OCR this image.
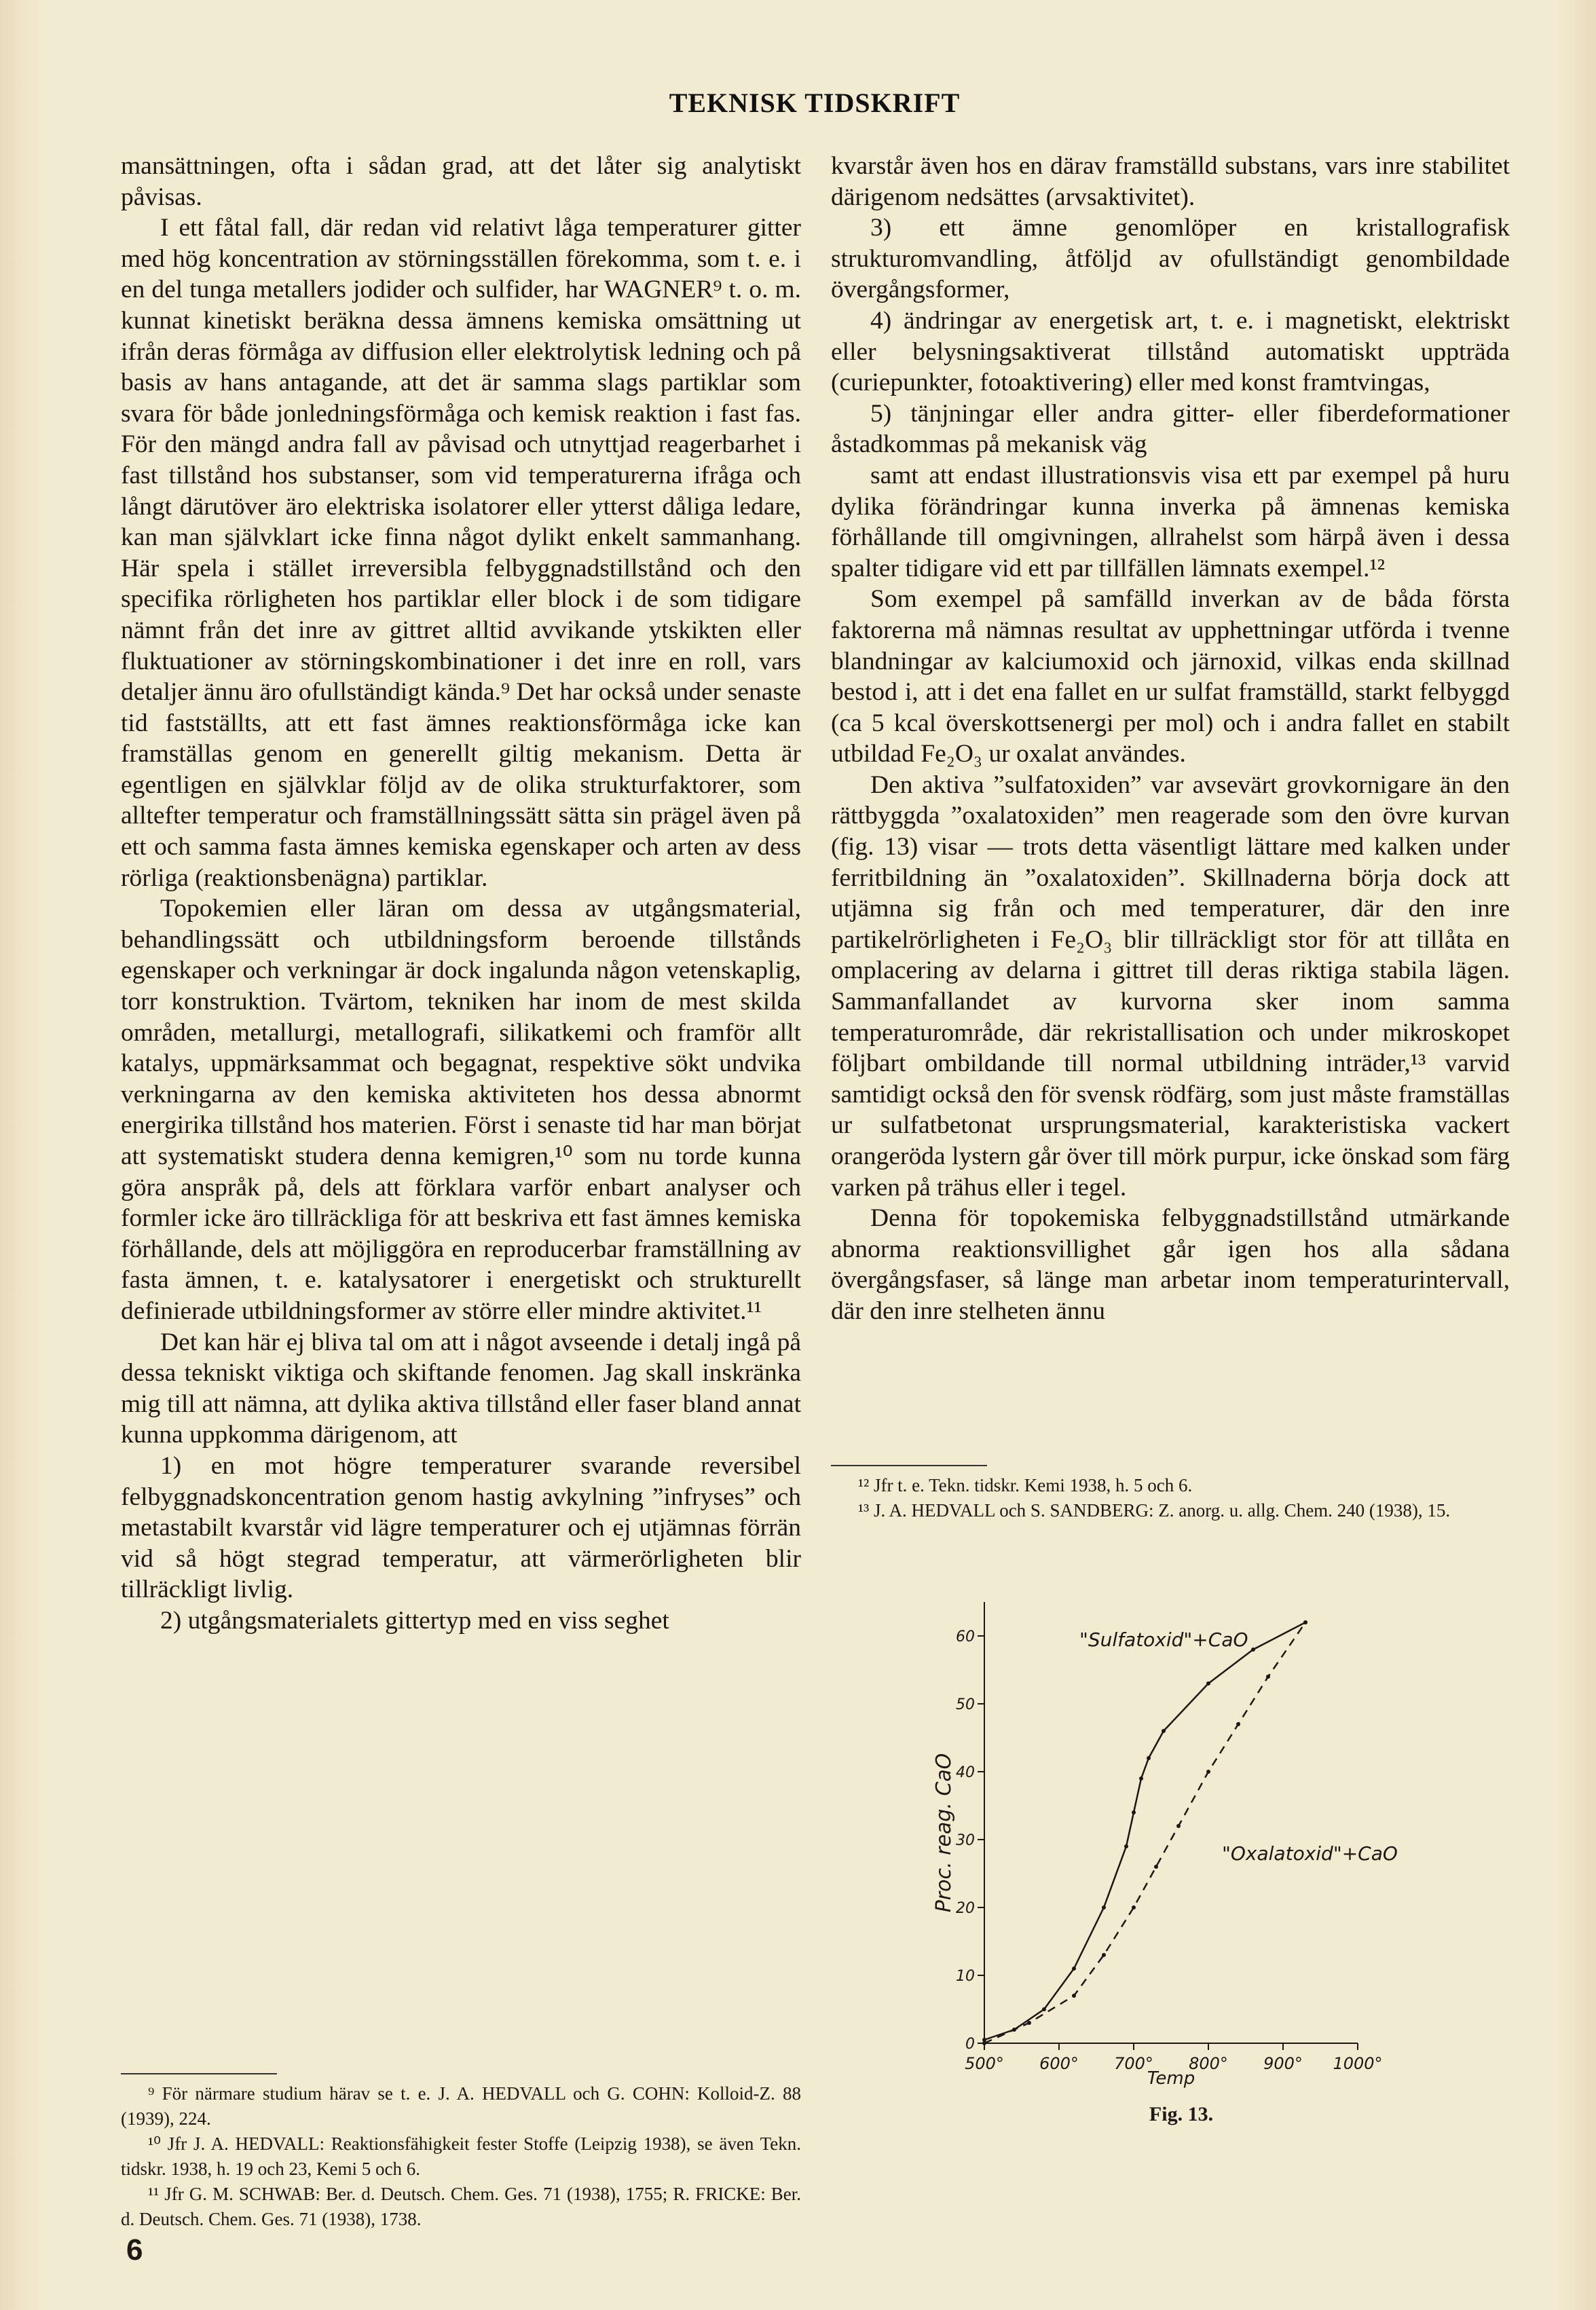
TEKNISK TIDSKRIFT

mansättningen, ofta i sådan grad, att det låter sig analytiskt påvisas.

I ett fåtal fall, där redan vid relativt låga temperaturer gitter med hög koncentration av störningsställen förekomma, som t. e. i en del tunga metallers jodider och sulfider, har WAGNER⁹ t. o. m. kunnat kinetiskt beräkna dessa ämnens kemiska omsättning ut ifrån deras förmåga av diffusion eller elektrolytisk ledning och på basis av hans antagande, att det är samma slags partiklar som svara för både jonledningsförmåga och kemisk reaktion i fast fas. För den mängd andra fall av påvisad och utnyttjad reagerbarhet i fast tillstånd hos substanser, som vid temperaturerna ifråga och långt därutöver äro elektriska isolatorer eller ytterst dåliga ledare, kan man självklart icke finna något dylikt enkelt sammanhang. Här spela i stället irreversibla felbyggnadstillstånd och den specifika rörligheten hos partiklar eller block i de som tidigare nämnt från det inre av gittret alltid avvikande ytskikten eller fluktuationer av störningskombinationer i det inre en roll, vars detaljer ännu äro ofullständigt kända.⁹ Det har också under senaste tid fastställts, att ett fast ämnes reaktionsförmåga icke kan framställas genom en generellt giltig mekanism. Detta är egentligen en självklar följd av de olika strukturfaktorer, som alltefter temperatur och framställningssätt sätta sin prägel även på ett och samma fasta ämnes kemiska egenskaper och arten av dess rörliga (reaktionsbenägna) partiklar.

Topokemien eller läran om dessa av utgångsmaterial, behandlingssätt och utbildningsform beroende tillstånds egenskaper och verkningar är dock ingalunda någon vetenskaplig, torr konstruktion. Tvärtom, tekniken har inom de mest skilda områden, metallurgi, metallografi, silikatkemi och framför allt katalys, uppmärksammat och begagnat, respektive sökt undvika verkningarna av den kemiska aktiviteten hos dessa abnormt energirika tillstånd hos materien. Först i senaste tid har man börjat att systematiskt studera denna kemigren,¹⁰ som nu torde kunna göra anspråk på, dels att förklara varför enbart analyser och formler icke äro tillräckliga för att beskriva ett fast ämnes kemiska förhållande, dels att möjliggöra en reproducerbar framställning av fasta ämnen, t. e. katalysatorer i energetiskt och strukturellt definierade utbildningsformer av större eller mindre aktivitet.¹¹

Det kan här ej bliva tal om att i något avseende i detalj ingå på dessa tekniskt viktiga och skiftande fenomen. Jag skall inskränka mig till att nämna, att dylika aktiva tillstånd eller faser bland annat kunna uppkomma därigenom, att

1) en mot högre temperaturer svarande reversibel felbyggnadskoncentration genom hastig avkylning ”infryses” och metastabilt kvarstår vid lägre temperaturer och ej utjämnas förrän vid så högt stegrad temperatur, att värmerörligheten blir tillräckligt livlig.

2) utgångsmaterialets gittertyp med en viss seghet

kvarstår även hos en därav framställd substans, vars inre stabilitet därigenom nedsättes (arvsaktivitet).

3) ett ämne genomlöper en kristallografisk strukturomvandling, åtföljd av ofullständigt genombildade övergångsformer,

4) ändringar av energetisk art, t. e. i magnetiskt, elektriskt eller belysningsaktiverat tillstånd automatiskt uppträda (curiepunkter, fotoaktivering) eller med konst framtvingas,

5) tänjningar eller andra gitter- eller fiberdeformationer åstadkommas på mekanisk väg

samt att endast illustrationsvis visa ett par exempel på huru dylika förändringar kunna inverka på ämnenas kemiska förhållande till omgivningen, allrahelst som härpå även i dessa spalter tidigare vid ett par tillfällen lämnats exempel.¹²

Som exempel på samfälld inverkan av de båda första faktorerna må nämnas resultat av upphettningar utförda i tvenne blandningar av kalciumoxid och järnoxid, vilkas enda skillnad bestod i, att i det ena fallet en ur sulfat framställd, starkt felbyggd (ca 5 kcal överskottsenergi per mol) och i andra fallet en stabilt utbildad Fe₂O₃ ur oxalat användes.

Den aktiva ”sulfatoxiden” var avsevärt grovkornigare än den rättbyggda ”oxalatoxiden” men reagerade som den övre kurvan (fig. 13) visar — trots detta väsentligt lättare med kalken under ferritbildning än ”oxalatoxiden”. Skillnaderna börja dock att utjämna sig från och med temperaturer, där den inre partikelrörligheten i Fe₂O₃ blir tillräckligt stor för att tillåta en omplacering av delarna i gittret till deras riktiga stabila lägen. Sammanfallandet av kurvorna sker inom samma temperaturområde, där rekristallisation och under mikroskopet följbart ombildande till normal utbildning inträder,¹³ varvid samtidigt också den för svensk rödfärg, som just måste framställas ur sulfatbetonat ursprungsmaterial, karakteristiska vackert orangeröda lystern går över till mörk purpur, icke önskad som färg varken på trähus eller i tegel.

Denna för topokemiska felbyggnadstillstånd utmärkande abnorma reaktionsvillighet går igen hos alla sådana övergångsfaser, så länge man arbetar inom temperaturintervall, där den inre stelheten ännu

⁹ För närmare studium härav se t. e. J. A. HEDVALL och G. COHN: Kolloid-Z. 88 (1939), 224.

¹⁰ Jfr J. A. HEDVALL: Reaktionsfähigkeit fester Stoffe (Leipzig 1938), se även Tekn. tidskr. 1938, h. 19 och 23, Kemi 5 och 6.

¹¹ Jfr G. M. SCHWAB: Ber. d. Deutsch. Chem. Ges. 71 (1938), 1755; R. FRICKE: Ber. d. Deutsch. Chem. Ges. 71 (1938), 1738.

¹² Jfr t. e. Tekn. tidskr. Kemi 1938, h. 5 och 6.

¹³ J. A. HEDVALL och S. SANDBERG: Z. anorg. u. allg. Chem. 240 (1938), 15.

500° 600° 700° 800° 900° 1000°
0
10
20
30
40
50
60
Proc. reag. CaO
Temp
"Sulfatoxid"+CaO
"Oxalatoxid"+CaO
Fig. 13.
6
